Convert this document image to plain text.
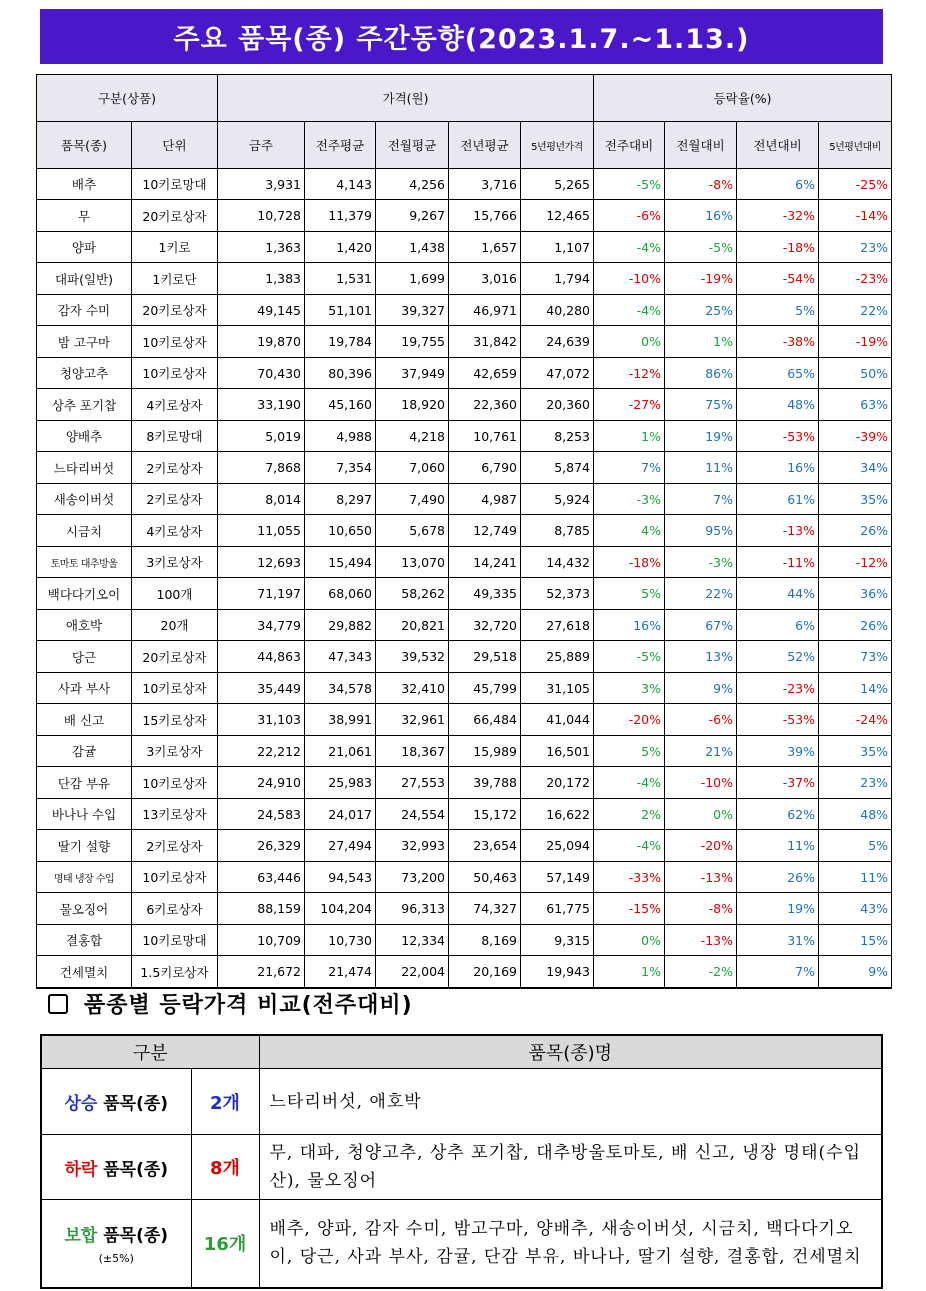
주요 품목(종) 주간동향(2023.1.7.~1.13.)
구분(상품)		가격(원)					등락율(%)			
품목(종)	단위	금주	전주평균	전월평균	전년평균	5년평년가격	전주대비	전월대비	전년대비	5년평년대비
배추	10키로망대	3,931	4,143	4,256	3,716	5,265	-5%	-8%	6%	-25%
무	20키로상자	10,728	11,379	9,267	15,766	12,465	-6%	16%	-32%	-14%
양파	1키로	1,363	1,420	1,438	1,657	1,107	-4%	-5%	-18%	23%
대파(일반)	1키로단	1,383	1,531	1,699	3,016	1,794	-10%	-19%	-54%	-23%
감자 수미	20키로상자	49,145	51,101	39,327	46,971	40,280	-4%	25%	5%	22%
밤 고구마	10키로상자	19,870	19,784	19,755	31,842	24,639	0%	1%	-38%	-19%
청양고추	10키로상자	70,430	80,396	37,949	42,659	47,072	-12%	86%	65%	50%
상추 포기찹	4키로상자	33,190	45,160	18,920	22,360	20,360	-27%	75%	48%	63%
양배추	8키로망대	5,019	4,988	4,218	10,761	8,253	1%	19%	-53%	-39%
느타리버섯	2키로상자	7,868	7,354	7,060	6,790	5,874	7%	11%	16%	34%
새송이버섯	2키로상자	8,014	8,297	7,490	4,987	5,924	-3%	7%	61%	35%
시금치	4키로상자	11,055	10,650	5,678	12,749	8,785	4%	95%	-13%	26%
토마토 대추방울	3키로상자	12,693	15,494	13,070	14,241	14,432	-18%	-3%	-11%	-12%
백다다기오이	100개	71,197	68,060	58,262	49,335	52,373	5%	22%	44%	36%
애호박	20개	34,779	29,882	20,821	32,720	27,618	16%	67%	6%	26%
당근	20키로상자	44,863	47,343	39,532	29,518	25,889	-5%	13%	52%	73%
사과 부사	10키로상자	35,449	34,578	32,410	45,799	31,105	3%	9%	-23%	14%
배 신고	15키로상자	31,103	38,991	32,961	66,484	41,044	-20%	-6%	-53%	-24%
감귤	3키로상자	22,212	21,061	18,367	15,989	16,501	5%	21%	39%	35%
단감 부유	10키로상자	24,910	25,983	27,553	39,788	20,172	-4%	-10%	-37%	23%
바나나 수입	13키로상자	24,583	24,017	24,554	15,172	16,622	2%	0%	62%	48%
딸기 설향	2키로상자	26,329	27,494	32,993	23,654	25,094	-4%	-20%	11%	5%
명태 냉장 수입	10키로상자	63,446	94,543	73,200	50,463	57,149	-33%	-13%	26%	11%
물오징어	6키로상자	88,159	104,204	96,313	74,327	61,775	-15%	-8%	19%	43%
결홍합	10키로망대	10,709	10,730	12,334	8,169	9,315	0%	-13%	31%	15%
건세멸치	1.5키로상자	21,672	21,474	22,004	20,169	19,943	1%	-2%	7%	9%
품종별 등락가격 비교(전주대비)
구분		품목(종)명
상승 품목(종)	2개	느타리버섯, 애호박
하락 품목(종)	8개	무, 대파, 청양고추, 상추 포기찹, 대추방울토마토, 배 신고, 냉장 명태(수입산), 물오징어
보합 품목(종)
(±5%)	16개	배추, 양파, 감자 수미, 밤고구마, 양배추, 새송이버섯, 시금치, 백다다기오이, 당근, 사과 부사, 감귤, 단감 부유, 바나나, 딸기 설향, 결홍합, 건세멸치
